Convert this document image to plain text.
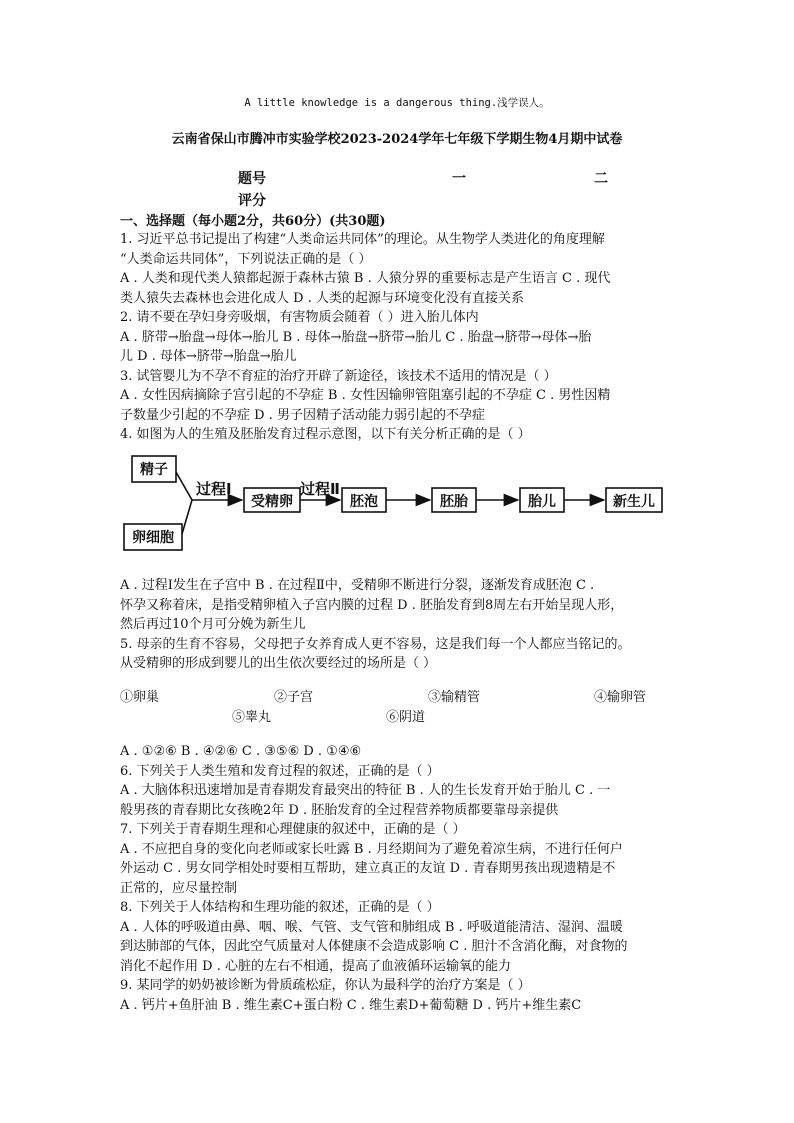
A little knowledge is a dangerous thing.浅学误人。
云南省保山市腾冲市实验学校2023-2024学年七年级下学期生物4月期中试卷
题号	一	二
评分
一、选择题（每小题2分，共60分）(共30题)
1. 习近平总书记提出了构建“人类命运共同体”的理论。从生物学人类进化的角度理解
“人类命运共同体”，下列说法正确的是（ ）
A . 人类和现代类人猿都起源于森林古猿 B . 人猿分界的重要标志是产生语言 C . 现代
类人猿失去森林也会进化成人 D . 人类的起源与环境变化没有直接关系
2. 请不要在孕妇身旁吸烟，有害物质会随着（ ）进入胎儿体内
A . 脐带→胎盘→母体→胎儿 B . 母体→胎盘→脐带→胎儿 C . 胎盘→脐带→母体→胎
儿 D . 母体→脐带→胎盘→胎儿
3. 试管婴儿为不孕不育症的治疗开辟了新途径，该技术不适用的情况是（ ）
A . 女性因病摘除子宫引起的不孕症 B . 女性因输卵管阻塞引起的不孕症 C . 男性因精
子数量少引起的不孕症 D . 男子因精子活动能力弱引起的不孕症
4. 如图为人的生殖及胚胎发育过程示意图，以下有关分析正确的是（ ）
精子
卵细胞
受精卵	胚泡	胚胎	胎儿	新生儿
过程Ⅰ	过程Ⅱ
A . 过程Ⅰ发生在子宫中 B . 在过程Ⅱ中，受精卵不断进行分裂，逐渐发育成胚泡 C .
怀孕又称着床，是指受精卵植入子宫内膜的过程 D . 胚胎发育到8周左右开始呈现人形，
然后再过10个月可分娩为新生儿
5. 母亲的生育不容易，父母把子女养育成人更不容易，这是我们每一个人都应当铭记的。
从受精卵的形成到婴儿的出生依次要经过的场所是（ ）
①卵巢	②子宫	③输精管	④输卵管
⑤睾丸	⑥阴道
A . ①②⑥ B . ④②⑥ C . ③⑤⑥ D . ①④⑥
6. 下列关于人类生殖和发育过程的叙述，正确的是（ ）
A . 大脑体积迅速增加是青春期发育最突出的特征 B . 人的生长发育开始于胎儿 C . 一
般男孩的青春期比女孩晚2年 D . 胚胎发育的全过程营养物质都要靠母亲提供
7. 下列关于青春期生理和心理健康的叙述中，正确的是（ ）
A . 不应把自身的变化向老师或家长吐露 B . 月经期间为了避免着凉生病，不进行任何户
外运动 C . 男女同学相处时要相互帮助，建立真正的友谊 D . 青春期男孩出现遗精是不
正常的，应尽量控制
8. 下列关于人体结构和生理功能的叙述，正确的是（ ）
A . 人体的呼吸道由鼻、咽、喉、气管、支气管和肺组成 B . 呼吸道能清洁、湿润、温暖
到达肺部的气体，因此空气质量对人体健康不会造成影响 C . 胆汁不含消化酶，对食物的
消化不起作用 D . 心脏的左右不相通，提高了血液循环运输氧的能力
9. 某同学的奶奶被诊断为骨质疏松症，你认为最科学的治疗方案是（ ）
A . 钙片+鱼肝油 B . 维生素C+蛋白粉 C . 维生素D+葡萄糖 D . 钙片+维生素C
